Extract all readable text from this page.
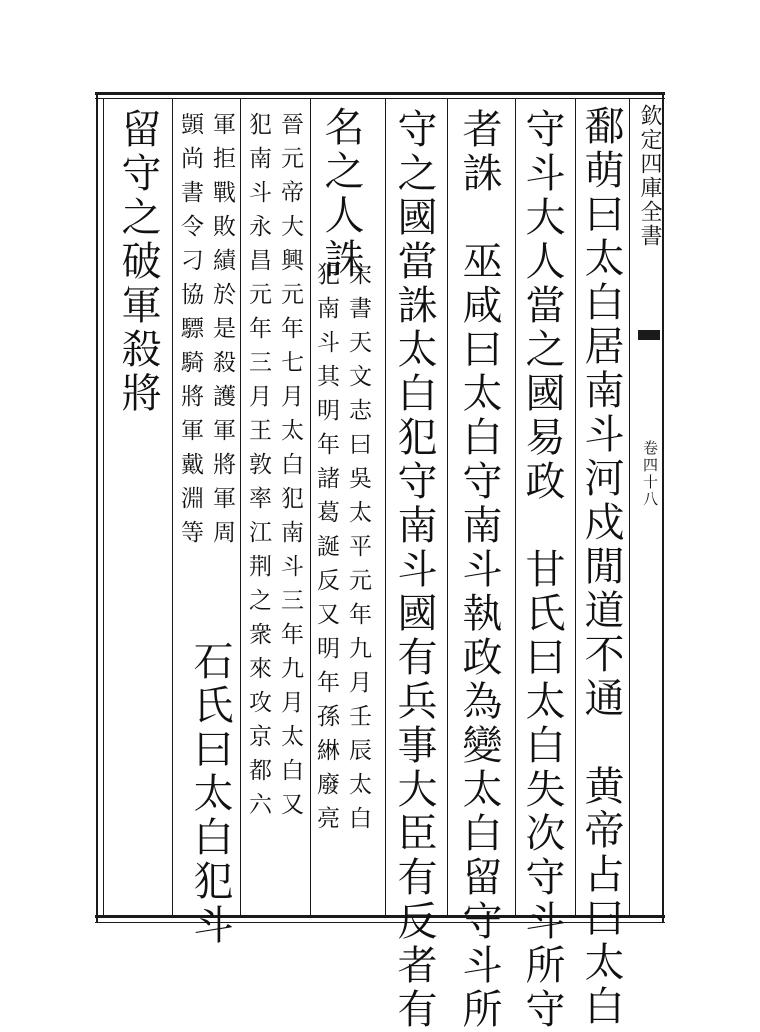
欽定四庫全書
卷四十八
鄱萌曰太白居南斗河戍閒道不通　黄帝占曰太白
守斗大人當之國易政　甘氏曰太白失次守斗所守
者誅　巫咸曰太白守南斗執政為變太白留守斗所
守之國當誅太白犯守南斗國有兵事大臣有反者有
名之人誅
宋書天文志曰吳太平元年九月壬辰太白
犯南斗其明年諸葛誕反又明年孫綝廢亮
晉元帝大興元年七月太白犯南斗三年九月太白又
犯南斗永昌元年三月王敦率江荆之衆來攻京都六
軍拒戰敗績於是殺護軍將軍周
顗尚書令刁協驃騎將軍戴淵等
石氏曰太白犯斗
留守之破軍殺將
